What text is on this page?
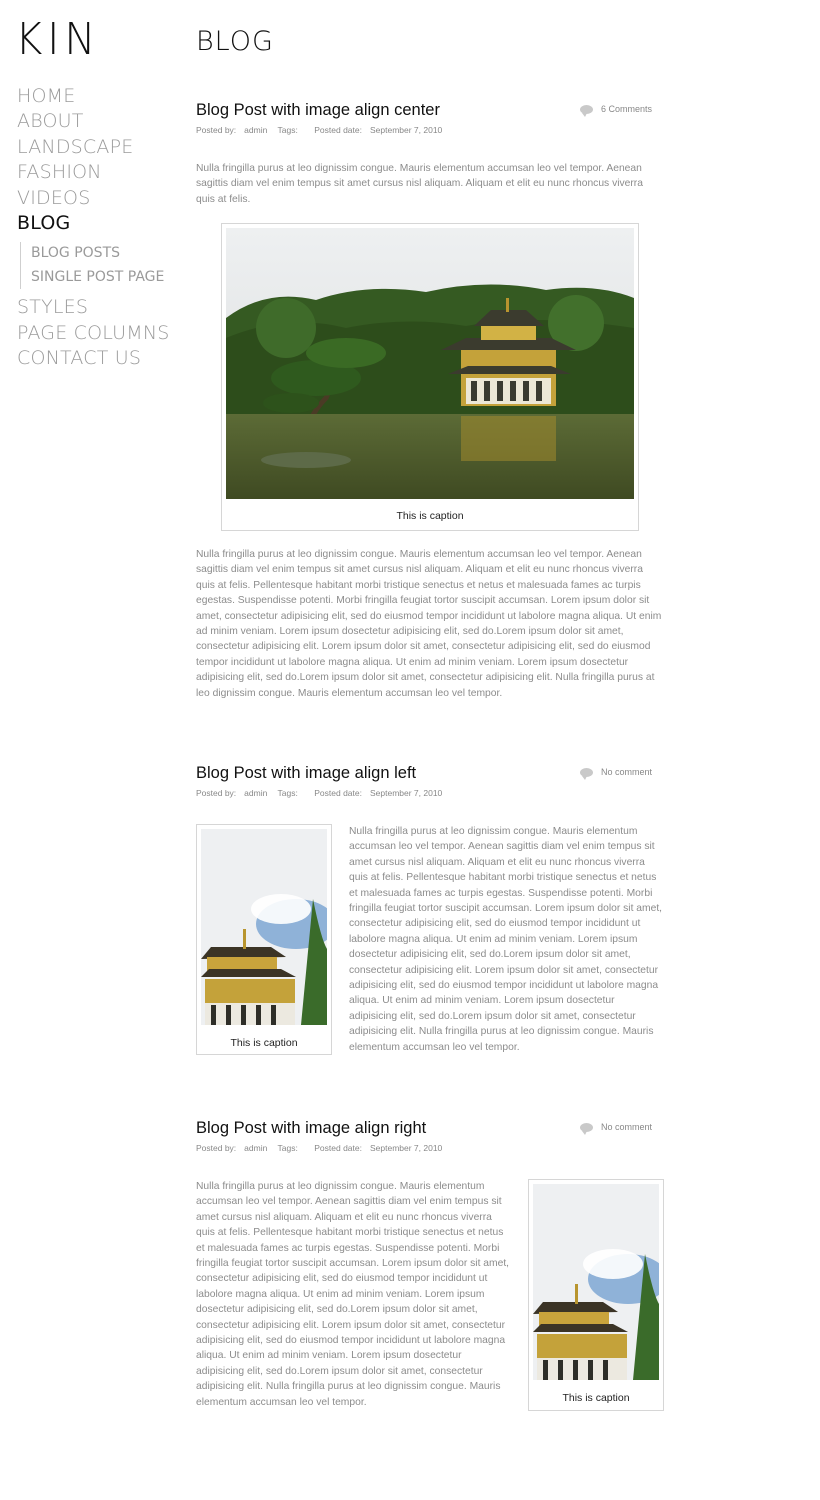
KIN
HOME
ABOUT
LANDSCAPE
FASHION
VIDEOS
BLOG
BLOG POSTS
SINGLE POST PAGE
STYLES
PAGE COLUMNS
CONTACT US
BLOG
Blog Post with image align center	6 Comments
Posted by: admin Tags: Posted date: September 7, 2010

Nulla fringilla purus at leo dignissim congue. Mauris elementum accumsan leo vel tempor. Aenean sagittis diam vel enim tempus sit amet cursus nisl aliquam. Aliquam et elit eu nunc rhoncus viverra quis at felis.

This is caption

Nulla fringilla purus at leo dignissim congue. Mauris elementum accumsan leo vel tempor. Aenean sagittis diam vel enim tempus sit amet cursus nisl aliquam. Aliquam et elit eu nunc rhoncus viverra quis at felis. Pellentesque habitant morbi tristique senectus et netus et malesuada fames ac turpis egestas. Suspendisse potenti. Morbi fringilla feugiat tortor suscipit accumsan. Lorem ipsum dolor sit amet, consectetur adipisicing elit, sed do eiusmod tempor incididunt ut labolore magna aliqua. Ut enim ad minim veniam. Lorem ipsum dosectetur adipisicing elit, sed do.Lorem ipsum dolor sit amet, consectetur adipisicing elit. Lorem ipsum dolor sit amet, consectetur adipisicing elit, sed do eiusmod tempor incididunt ut labolore magna aliqua. Ut enim ad minim veniam. Lorem ipsum dosectetur adipisicing elit, sed do.Lorem ipsum dolor sit amet, consectetur adipisicing elit. Nulla fringilla purus at leo dignissim congue. Mauris elementum accumsan leo vel tempor.

Blog Post with image align left	No comment
Posted by: admin Tags: Posted date: September 7, 2010
This is caption

Nulla fringilla purus at leo dignissim congue. Mauris elementum accumsan leo vel tempor. Aenean sagittis diam vel enim tempus sit amet cursus nisl aliquam. Aliquam et elit eu nunc rhoncus viverra quis at felis. Pellentesque habitant morbi tristique senectus et netus et malesuada fames ac turpis egestas. Suspendisse potenti. Morbi fringilla feugiat tortor suscipit accumsan. Lorem ipsum dolor sit amet, consectetur adipisicing elit, sed do eiusmod tempor incididunt ut labolore magna aliqua. Ut enim ad minim veniam. Lorem ipsum dosectetur adipisicing elit, sed do.Lorem ipsum dolor sit amet, consectetur adipisicing elit. Lorem ipsum dolor sit amet, consectetur adipisicing elit, sed do eiusmod tempor incididunt ut labolore magna aliqua. Ut enim ad minim veniam. Lorem ipsum dosectetur adipisicing elit, sed do.Lorem ipsum dolor sit amet, consectetur adipisicing elit. Nulla fringilla purus at leo dignissim congue. Mauris elementum accumsan leo vel tempor.

Blog Post with image align right	No comment
Posted by: admin Tags: Posted date: September 7, 2010

Nulla fringilla purus at leo dignissim congue. Mauris elementum accumsan leo vel tempor. Aenean sagittis diam vel enim tempus sit amet cursus nisl aliquam. Aliquam et elit eu nunc rhoncus viverra quis at felis. Pellentesque habitant morbi tristique senectus et netus et malesuada fames ac turpis egestas. Suspendisse potenti. Morbi fringilla feugiat tortor suscipit accumsan. Lorem ipsum dolor sit amet, consectetur adipisicing elit, sed do eiusmod tempor incididunt ut labolore magna aliqua. Ut enim ad minim veniam. Lorem ipsum dosectetur adipisicing elit, sed do.Lorem ipsum dolor sit amet, consectetur adipisicing elit. Lorem ipsum dolor sit amet, consectetur adipisicing elit, sed do eiusmod tempor incididunt ut labolore magna aliqua. Ut enim ad minim veniam. Lorem ipsum dosectetur adipisicing elit, sed do.Lorem ipsum dolor sit amet, consectetur adipisicing elit. Nulla fringilla purus at leo dignissim congue. Mauris elementum accumsan leo vel tempor.	This is caption
